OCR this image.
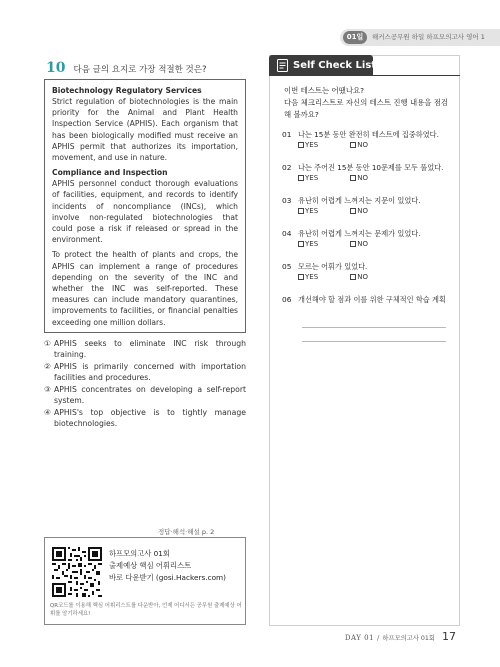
01일	해커스공무원 하일 하프모의고사 영어 1
10 다음 글의 요지로 가장 적절한 것은?
Biotechnology Regulatory Services
Strict regulation of biotechnologies is the main priority for the Animal and Plant Health Inspection Service (APHIS). Each organism that has been biologically modified must receive an APHIS permit that authorizes its importation, movement, and use in nature.
Compliance and Inspection
APHIS personnel conduct thorough evaluations of facilities, equipment, and records to identify incidents of noncompliance (INCs), which involve non-regulated biotechnologies that could pose a risk if released or spread in the environment.
To protect the health of plants and crops, the APHIS can implement a range of procedures depending on the severity of the INC and whether the INC was self-reported. These measures can include mandatory quarantines, improvements to facilities, or financial penalties exceeding one million dollars.
① APHIS seeks to eliminate INC risk through training.
② APHIS is primarily concerned with importation facilities and procedures.
③ APHIS concentrates on developing a self-report system.
④ APHIS's top objective is to tightly manage biotechnologies.
정답·해석·해설 p. 2
하프모의고사 01회
출제예상 핵심 어휘리스트
바로 다운받기 (gosi.Hackers.com)
QR코드를 이용해 핵심 어휘리스트를 다운받아, 언제 어디서든 공무원 출제예상 어휘를 암기하세요!
Self Check List
이번 테스트는 어땠나요?
다음 체크리스트로 자신의 테스트 진행 내용을 점검
해 볼까요?
01 나는 15분 동안 완전히 테스트에 집중하였다.
YES	NO
02 나는 주어진 15분 동안 10문제를 모두 풀었다.
YES	NO
03 유난히 어렵게 느껴지는 지문이 있었다.
YES	NO
04 유난히 어렵게 느껴지는 문제가 있었다.
YES	NO
05 모르는 어휘가 있었다.
YES	NO
06 개선해야 할 점과 이를 위한 구체적인 학습 계획
DAY 01 / 하프모의고사 01회 17
